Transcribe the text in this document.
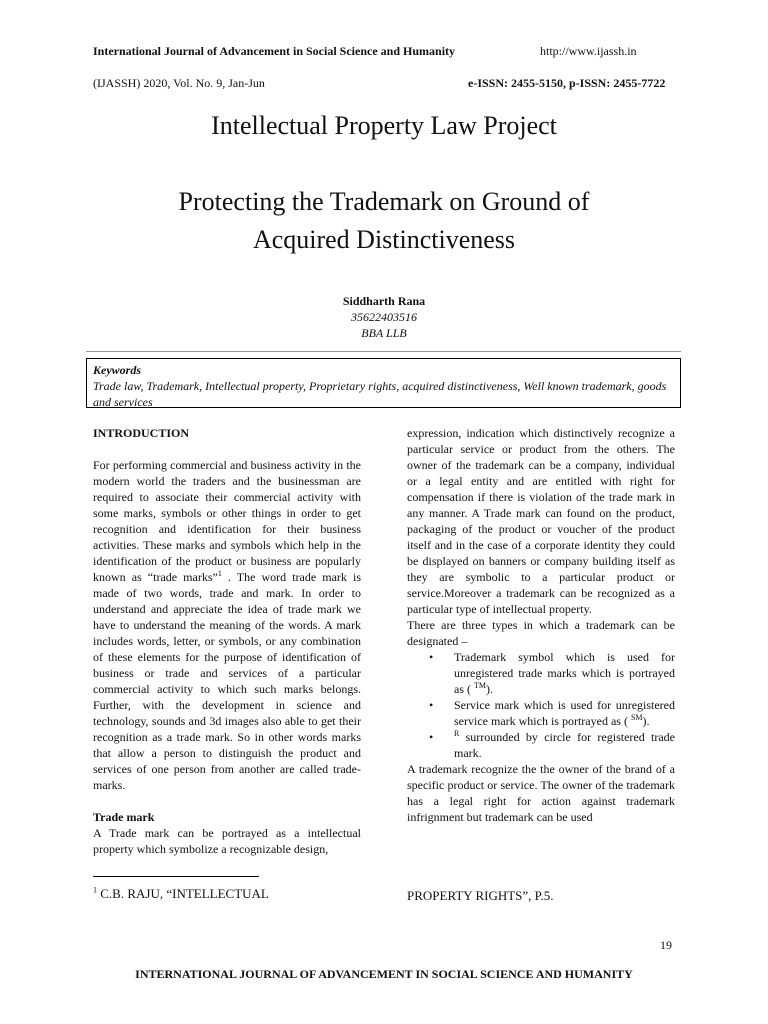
International Journal of Advancement in Social Science and Humanity	http://www.ijassh.in
(IJASSH) 2020, Vol. No. 9, Jan-Jun	e-ISSN: 2455-5150, p-ISSN: 2455-7722
Intellectual Property Law Project
Protecting the Trademark on Ground of
Acquired Distinctiveness
Siddharth Rana
35622403516
BBA LLB
Keywords
Trade law, Trademark, Intellectual property, Proprietary rights, acquired distinctiveness, Well known trademark, goods and services

INTRODUCTION

For performing commercial and business activity in the modern world the traders and the businessman are required to associate their commercial activity with some marks, symbols or other things in order to get recognition and identification for their business activities. These marks and symbols which help in the identification of the product or business are popularly known as “trade marks”$^1$ . The word trade mark is made of two words, trade and mark. In order to understand and appreciate the idea of trade mark we have to understand the meaning of the words. A mark includes words, letter, or symbols, or any combination of these elements for the purpose of identification of business or trade and services of a particular commercial activity to which such marks belongs. Further, with the development in science and technology, sounds and 3d images also able to get their recognition as a trade mark. So in other words marks that allow a person to distinguish the product and services of one person from another are called trade-marks.

Trade mark

A Trade mark can be portrayed as a intellectual property which symbolize a recognizable design,

expression, indication which distinctively recognize a particular service or product from the others. The owner of the trademark can be a company, individual or a legal entity and are entitled with right for compensation if there is violation of the trade mark in any manner. A Trade mark can found on the product, packaging of the product or voucher of the product itself and in the case of a corporate identity they could be displayed on banners or company building itself as they are symbolic to a particular product or service.Moreover a trademark can be recognized as a particular type of intellectual property.

There are three types in which a trademark can be designated –

• Trademark symbol which is used for unregistered trade marks which is portrayed as ( ™).
• Service mark which is used for unregistered service mark which is portrayed as ( ℠).
• $^R$ surrounded by circle for registered trade mark.

A trademark recognize the the owner of the brand of a specific product or service. The owner of the trademark has a legal right for action against trademark infrignment but trademark can be used

$^1$ C.B. RAJU, “INTELLECTUAL	PROPERTY RIGHTS”, P.5.
19
INTERNATIONAL JOURNAL OF ADVANCEMENT IN SOCIAL SCIENCE AND HUMANITY
